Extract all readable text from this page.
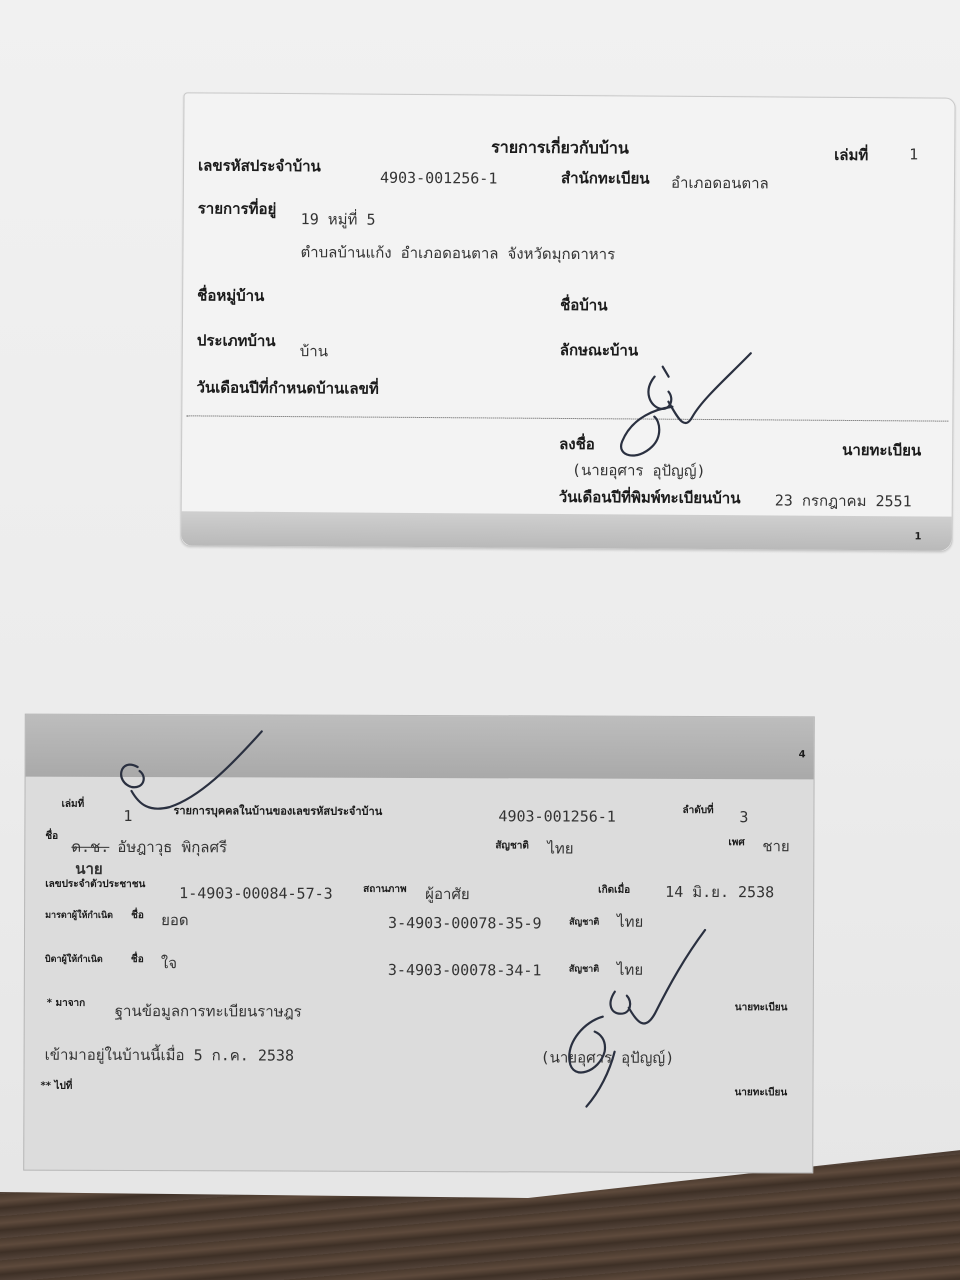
รายการเกี่ยวกับบ้าน	เล่มที่	1
เลขรหัสประจำบ้าน
4903-001256-1	สำนักทะเบียน อำเภอดอนตาล
รายการที่อยู่
19 หมู่ที่ 5
ตำบลบ้านแก้ง อำเภอดอนตาล จังหวัดมุกดาหาร
ชื่อหมู่บ้าน
ชื่อบ้าน
ประเภทบ้าน
บ้าน	ลักษณะบ้าน
วันเดือนปีที่กำหนดบ้านเลขที่
ลงชื่อ	นายทะเบียน
(นายอุศาร อุปัญญ์)
วันเดือนปีที่พิมพ์ทะเบียนบ้าน 23 กรกฎาคม 2551
1
4
เล่มที่
1	รายการบุคคลในบ้านของเลขรหัสประจำบ้าน	4903-001256-1	ลำดับที่ 3
ชื่อ
ด.ช. อัษฎาวุธ พิกุลศรี
นาย
สัญชาติ ไทย	เพศ ชาย
เลขประจำตัวประชาชน 1-4903-00084-57-3	สถานภาพ ผู้อาศัย	เกิดเมื่อ 14 มิ.ย. 2538
มารดาผู้ให้กำเนิด ชื่อ ยอด	3-4903-00078-35-9	สัญชาติ ไทย
บิดาผู้ให้กำเนิด	ชื่อ ใจ	3-4903-00078-34-1	สัญชาติ ไทย
* มาจาก ฐานข้อมูลการทะเบียนราษฎร	นายทะเบียน
เข้ามาอยู่ในบ้านนี้เมื่อ 5 ก.ค. 2538	(นายอุศาร อุปัญญ์)
** ไปที่
นายทะเบียน
